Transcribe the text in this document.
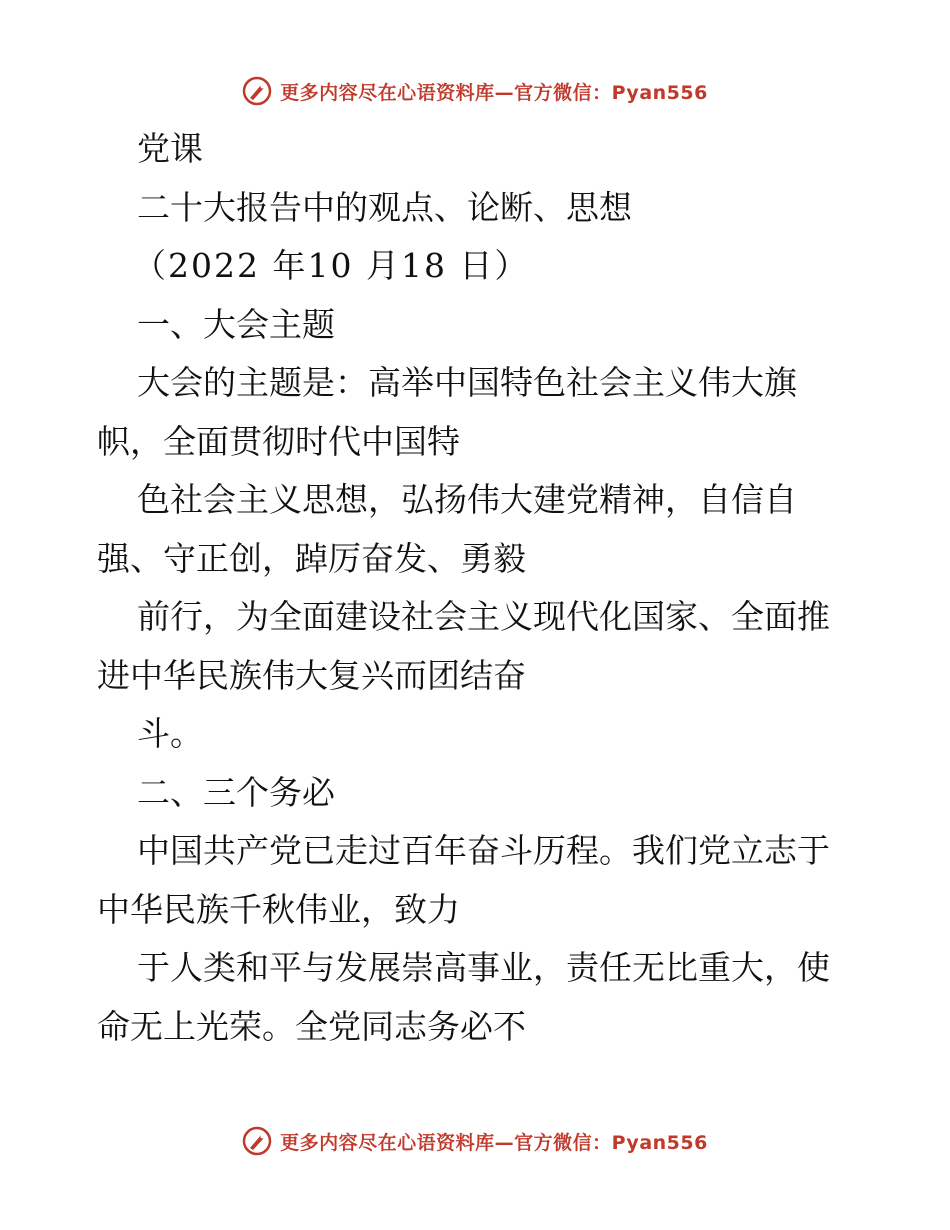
更多内容尽在心语资料库—官方微信：Pyan556
党课
二十大报告中的观点、论断、思想
（2022 年10 月18 日）
一、大会主题
大会的主题是：高举中国特色社会主义伟大旗
帜，全面贯彻时代中国特
色社会主义思想，弘扬伟大建党精神，自信自
强、守正创，踔厉奋发、勇毅
前行，为全面建设社会主义现代化国家、全面推
进中华民族伟大复兴而团结奋
斗。
二、三个务必
中国共产党已走过百年奋斗历程。我们党立志于
中华民族千秋伟业，致力
于人类和平与发展崇高事业，责任无比重大，使
命无上光荣。全党同志务必不
更多内容尽在心语资料库—官方微信：Pyan556
